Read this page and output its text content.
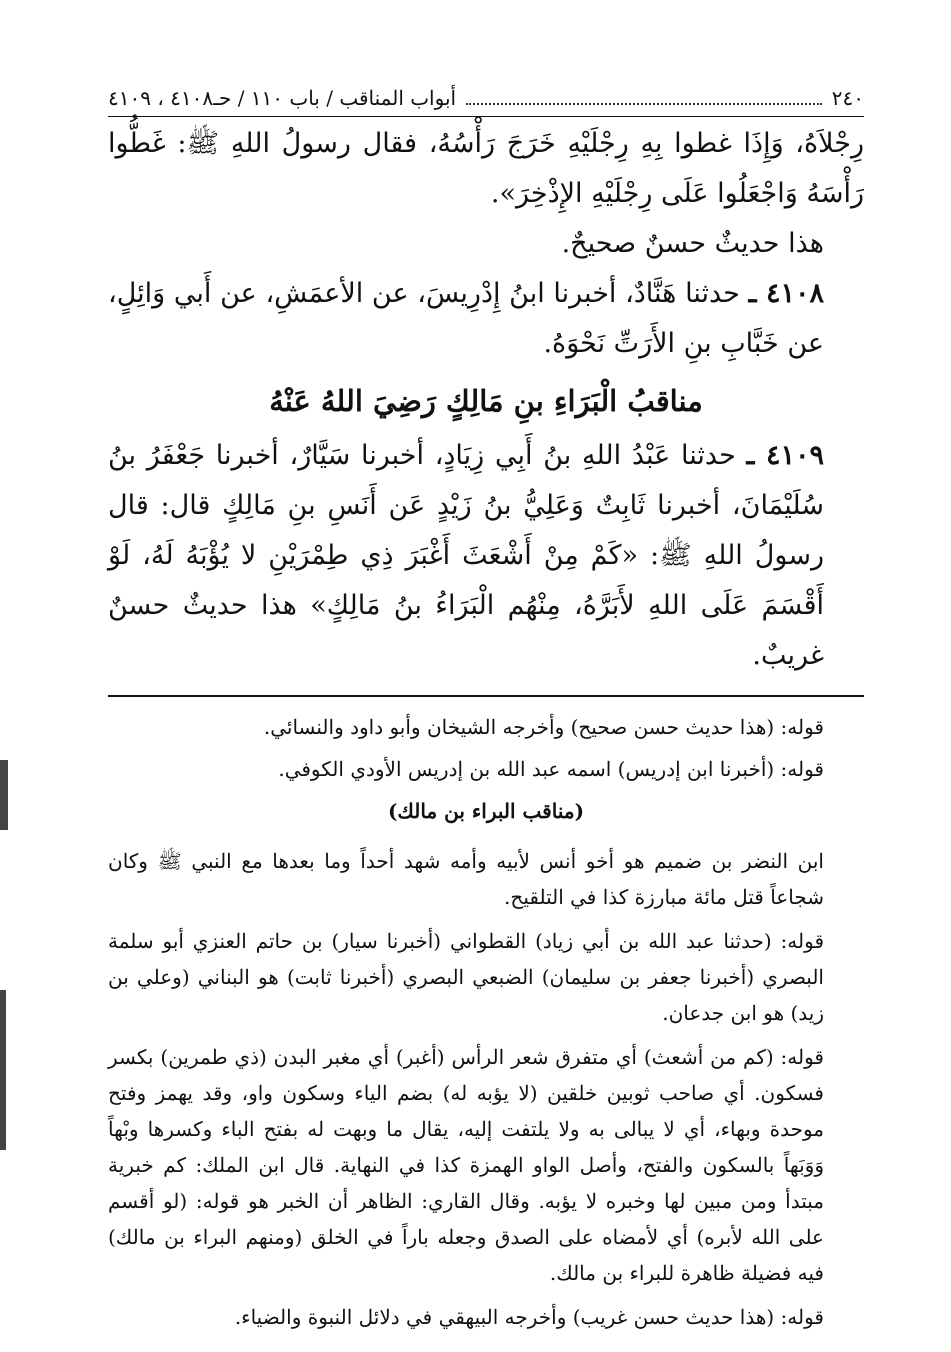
٢٤٠
أبواب المناقب / باب ١١٠ / حـ٤١٠٨ ، ٤١٠٩

رِجْلاَهُ، وَإِذَا غطوا بِهِ رِجْلَيْهِ خَرَجَ رَأْسُهُ، فقال رسولُ اللهِ ﷺ: غَطُّوا رَأْسَهُ وَاجْعَلُوا عَلَى رِجْلَيْهِ الإِذْخِرَ».

هذا حديثٌ حسنٌ صحيحٌ.

٤١٠٨ ـ حدثنا هَنَّادٌ، أخبرنا ابنُ إِدْرِيسَ، عن الأعمَشِ، عن أَبي وَائِلٍ، عن خَبَّابِ بنِ الأَرَتِّ نَحْوَهُ.

مناقبُ الْبَرَاءِ بنِ مَالِكٍ رَضِيَ اللهُ عَنْهُ

٤١٠٩ ـ حدثنا عَبْدُ اللهِ بنُ أَبِي زِيَادٍ، أخبرنا سَيَّارٌ، أخبرنا جَعْفَرُ بنُ سُلَيْمَانَ، أخبرنا ثَابِتٌ وَعَلِيُّ بنُ زَيْدٍ عَن أَنَسِ بنِ مَالِكٍ قال: قال رسولُ اللهِ ﷺ: «كَمْ مِنْ أَشْعَثَ أَغْبَرَ ذِي طِمْرَيْنِ لا يُؤْبَهُ لَهُ، لَوْ أَقْسَمَ عَلَى اللهِ لأَبَرَّهُ، مِنْهُم الْبَرَاءُ بنُ مَالِكٍ» هذا حديثٌ حسنٌ غريبٌ.

قوله: (هذا حديث حسن صحيح) وأخرجه الشيخان وأبو داود والنسائي.

قوله: (أخبرنا ابن إدريس) اسمه عبد الله بن إدريس الأودي الكوفي.

(مناقب البراء بن مالك)

ابن النضر بن ضميم هو أخو أنس لأبيه وأمه شهد أحداً وما بعدها مع النبي ﷺ وكان شجاعاً قتل مائة مبارزة كذا في التلقيح.

قوله: (حدثنا عبد الله بن أبي زياد) القطواني (أخبرنا سيار) بن حاتم العنزي أبو سلمة البصري (أخبرنا جعفر بن سليمان) الضبعي البصري (أخبرنا ثابت) هو البناني (وعلي بن زيد) هو ابن جدعان.

قوله: (كم من أشعث) أي متفرق شعر الرأس (أغبر) أي مغبر البدن (ذي طمرين) بكسر فسكون. أي صاحب ثوبين خلقين (لا يؤبه له) بضم الياء وسكون واو، وقد يهمز وفتح موحدة وبهاء، أي لا يبالى به ولا يلتفت إليه، يقال ما وبهت له بفتح الباء وكسرها وبْهاً وَوَبَهاً بالسكون والفتح، وأصل الواو الهمزة كذا في النهاية. قال ابن الملك: كم خبرية مبتدأ ومن مبين لها وخبره لا يؤبه. وقال القاري: الظاهر أن الخبر هو قوله: (لو أقسم على الله لأبره) أي لأمضاه على الصدق وجعله باراً في الخلق (ومنهم البراء بن مالك) فيه فضيلة ظاهرة للبراء بن مالك.

قوله: (هذا حديث حسن غريب) وأخرجه البيهقي في دلائل النبوة والضياء.
